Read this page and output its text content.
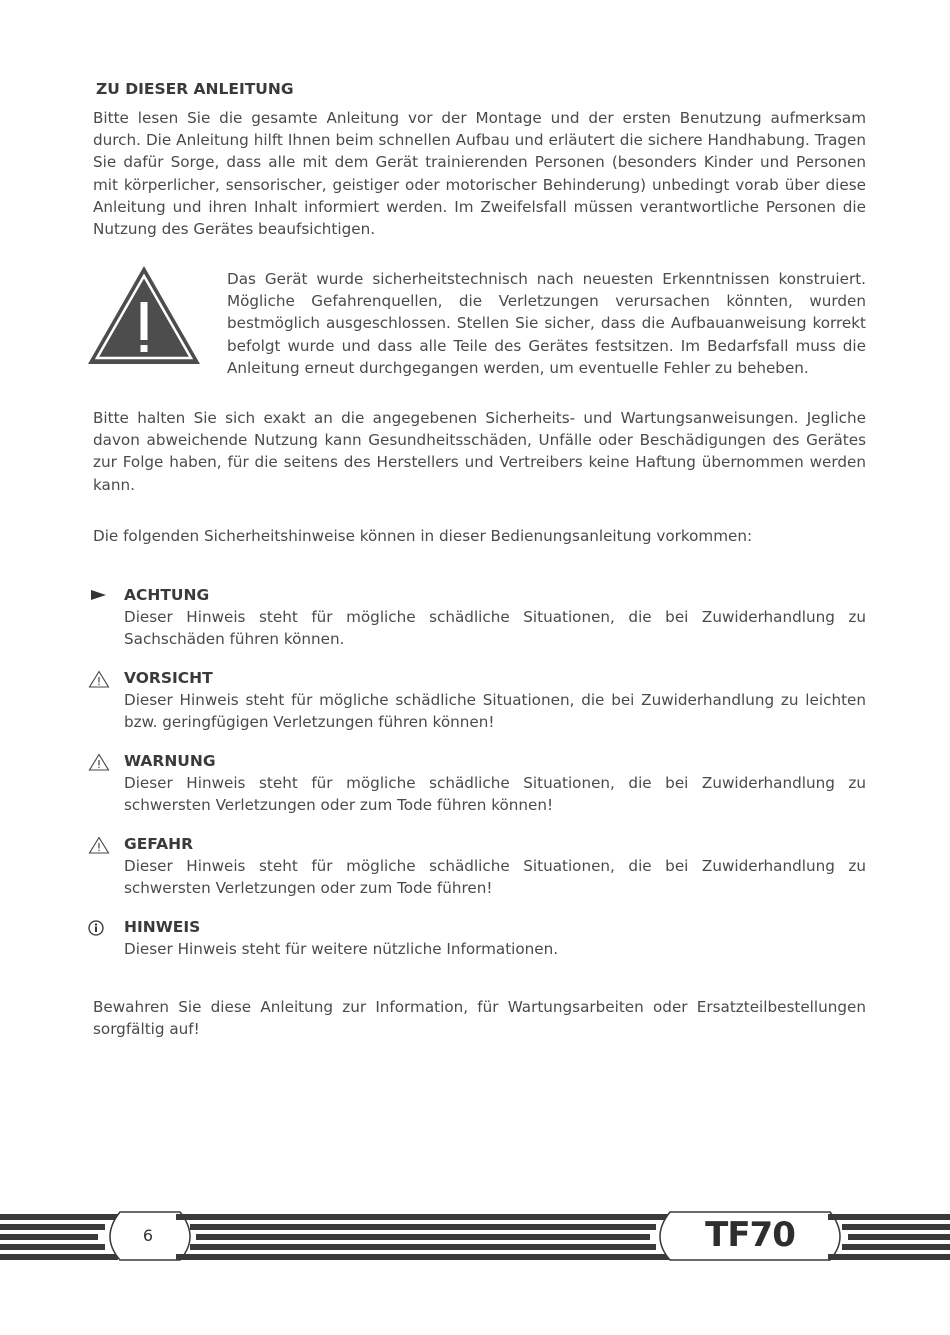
ZU DIESER ANLEITUNG
Bitte lesen Sie die gesamte Anleitung vor der Montage und der ersten Benutzung aufmerksam durch. Die Anleitung hilft Ihnen beim schnellen Aufbau und erläutert die sichere Handhabung. Tragen Sie dafür Sorge, dass alle mit dem Gerät trainierenden Personen (besonders Kinder und Personen mit körperlicher, sensorischer, geistiger oder motorischer Behinderung) unbedingt vorab über diese Anleitung und ihren Inhalt informiert werden. Im Zweifelsfall müssen verantwortliche Personen die Nutzung des Gerätes beaufsichtigen.
Das Gerät wurde sicherheitstechnisch nach neuesten Erkenntnissen konstruiert. Mögliche Gefahrenquellen, die Verletzungen verursachen könnten, wurden bestmöglich ausgeschlossen. Stellen Sie sicher, dass die Aufbauanweisung korrekt befolgt wurde und dass alle Teile des Gerätes festsitzen. Im Bedarfsfall muss die Anleitung erneut durchgegangen werden, um eventuelle Fehler zu beheben.
Bitte halten Sie sich exakt an die angegebenen Sicherheits- und Wartungsanweisungen. Jegliche davon abweichende Nutzung kann Gesundheitsschäden, Unfälle oder Beschädigungen des Gerätes zur Folge haben, für die seitens des Herstellers und Vertreibers keine Haftung übernommen werden kann.
Die folgenden Sicherheitshinweise können in dieser Bedienungsanleitung vorkommen:
ACHTUNG
Dieser Hinweis steht für mögliche schädliche Situationen, die bei Zuwiderhandlung zu Sachschäden führen können.
VORSICHT
Dieser Hinweis steht für mögliche schädliche Situationen, die bei Zuwiderhandlung zu leichten bzw. geringfügigen Verletzungen führen können!
WARNUNG
Dieser Hinweis steht für mögliche schädliche Situationen, die bei Zuwiderhandlung zu schwersten Verletzungen oder zum Tode führen können!
GEFAHR
Dieser Hinweis steht für mögliche schädliche Situationen, die bei Zuwiderhandlung zu schwersten Verletzungen oder zum Tode führen!
HINWEIS
Dieser Hinweis steht für weitere nützliche Informationen.
Bewahren Sie diese Anleitung zur Information, für Wartungsarbeiten oder Ersatzteilbestellungen sorgfältig auf!
6	TF70
